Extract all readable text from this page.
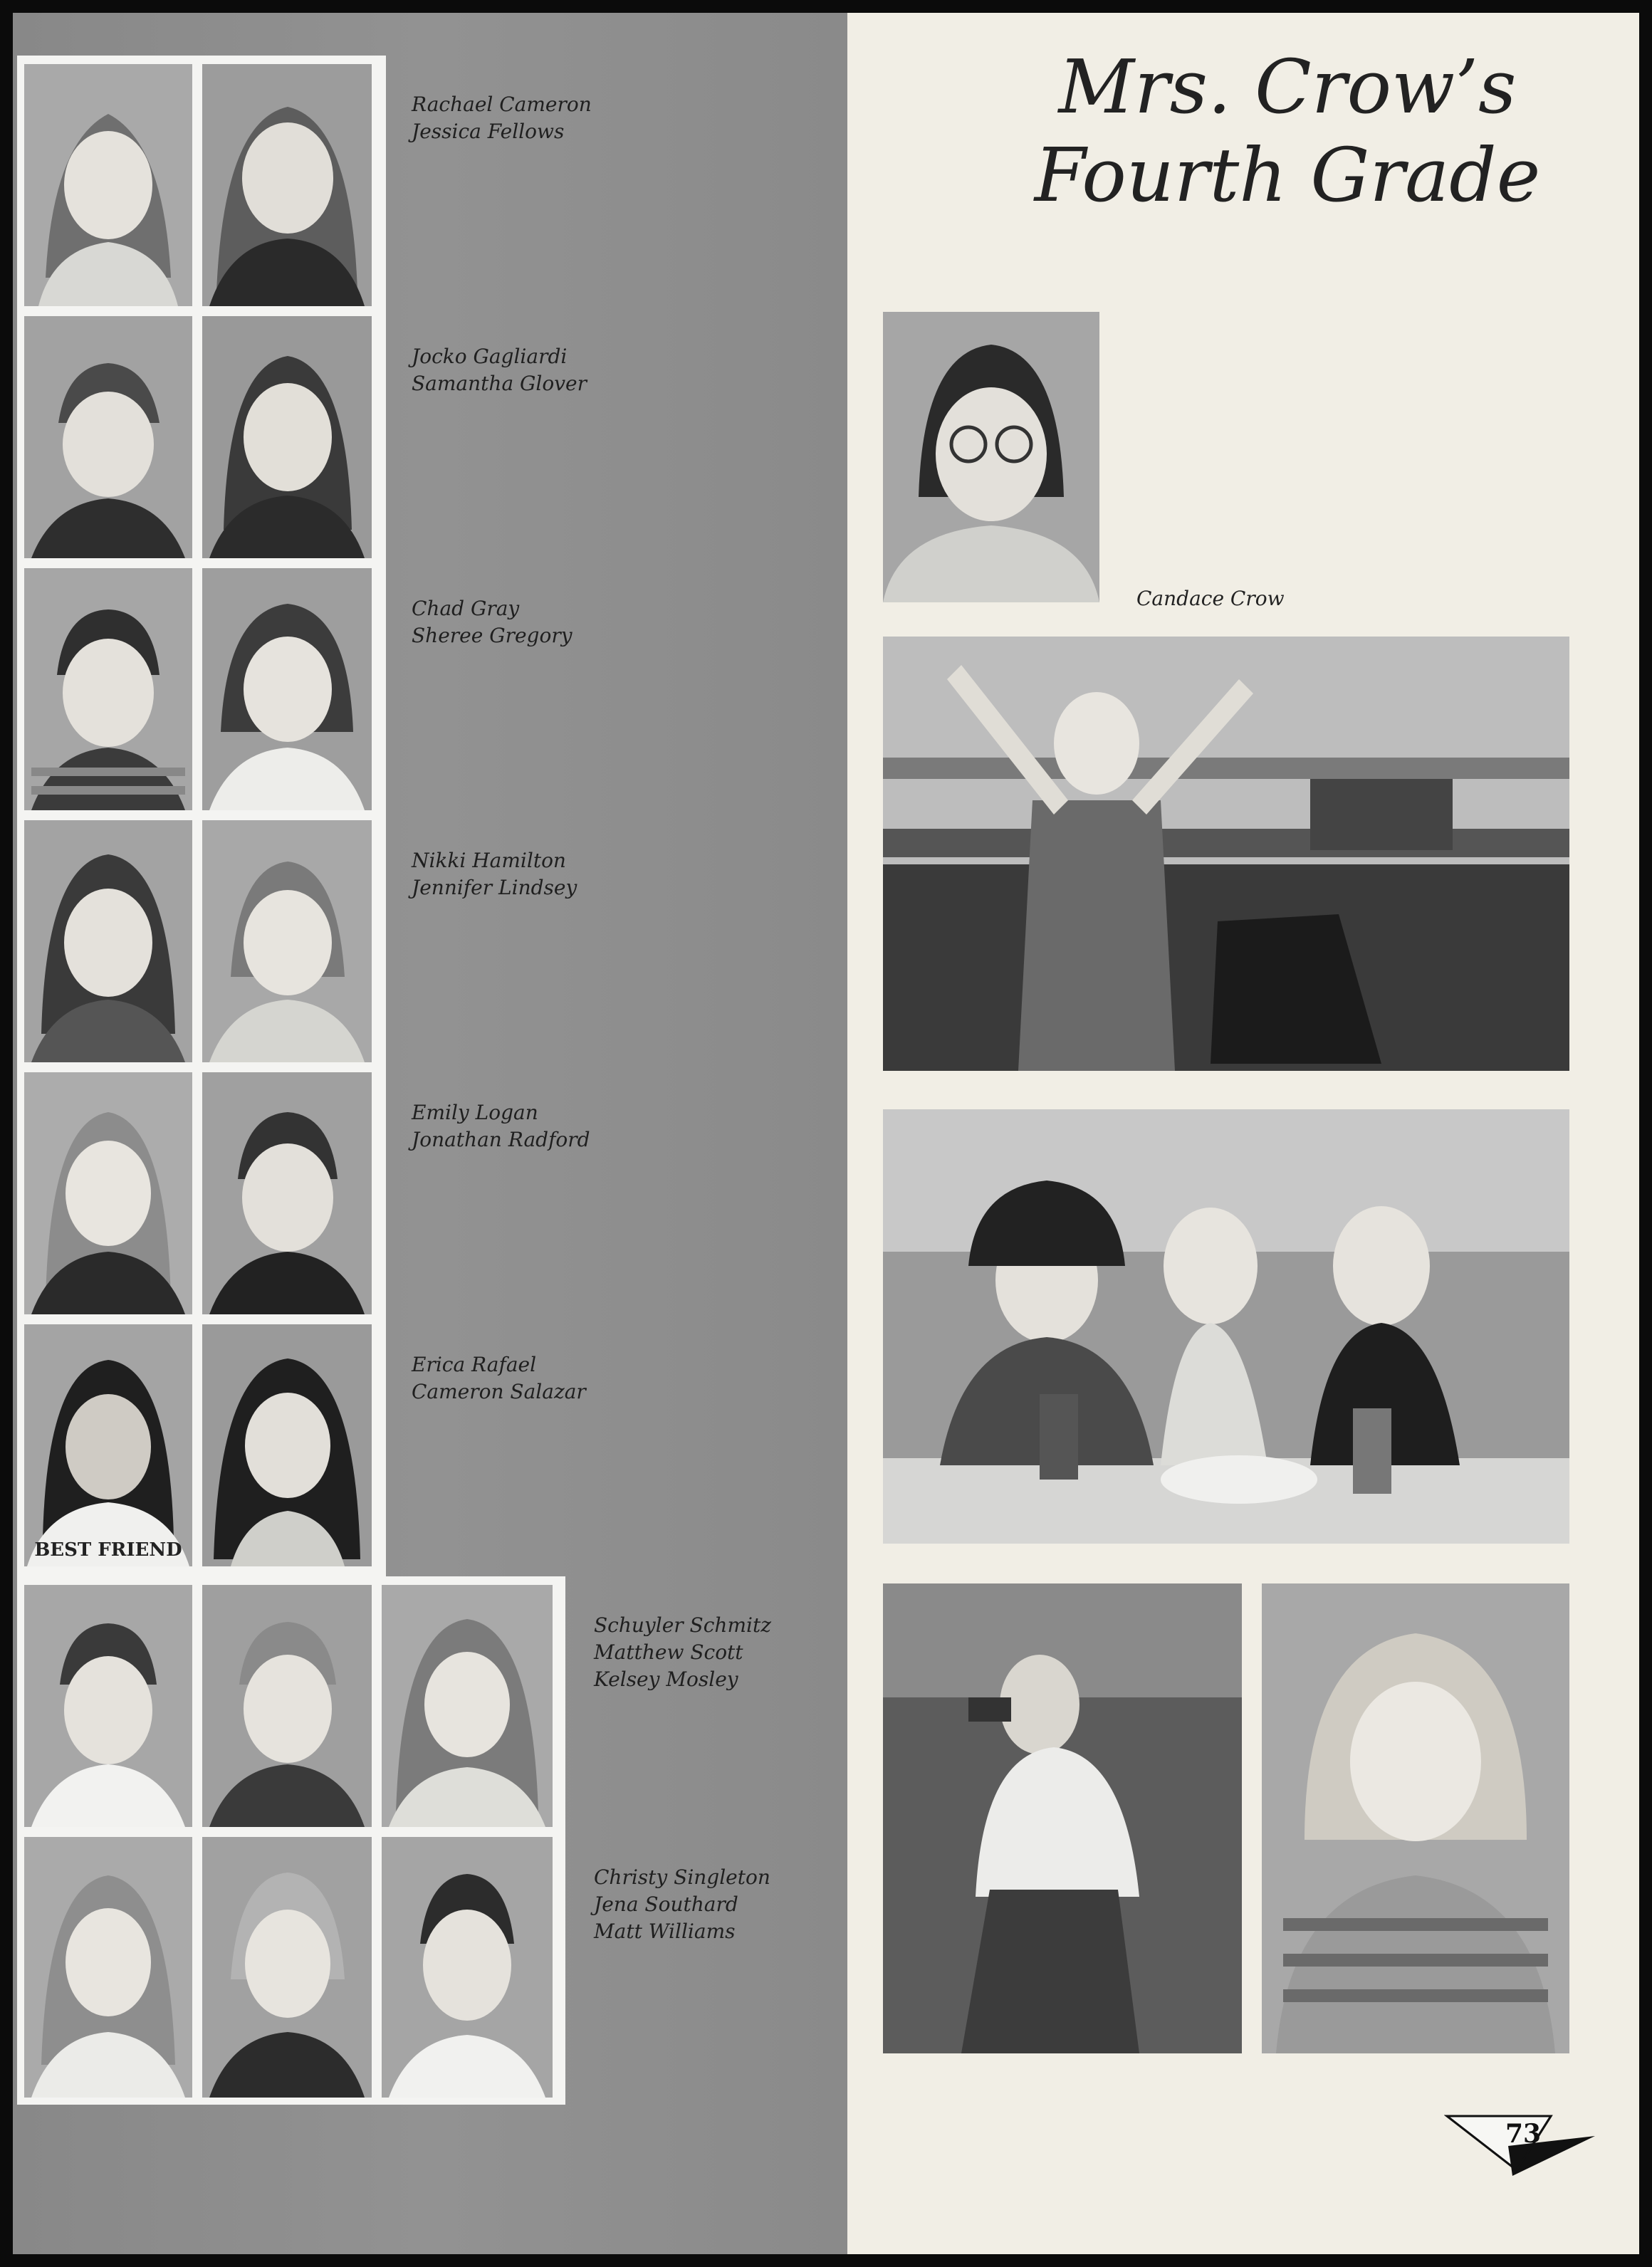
Rachael Cameron
Jessica Fellows
Jocko Gagliardi
Samantha Glover
Chad Gray
Sheree Gregory
Nikki Hamilton
Jennifer Lindsey
Emily Logan
Jonathan Radford
BEST FRIEND
Erica Rafael
Cameron Salazar
Schuyler Schmitz
Matthew Scott
Kelsey Mosley
Christy Singleton
Jena Southard
Matt Williams
Mrs. Crow’s
Fourth Grade
Candace Crow
73
